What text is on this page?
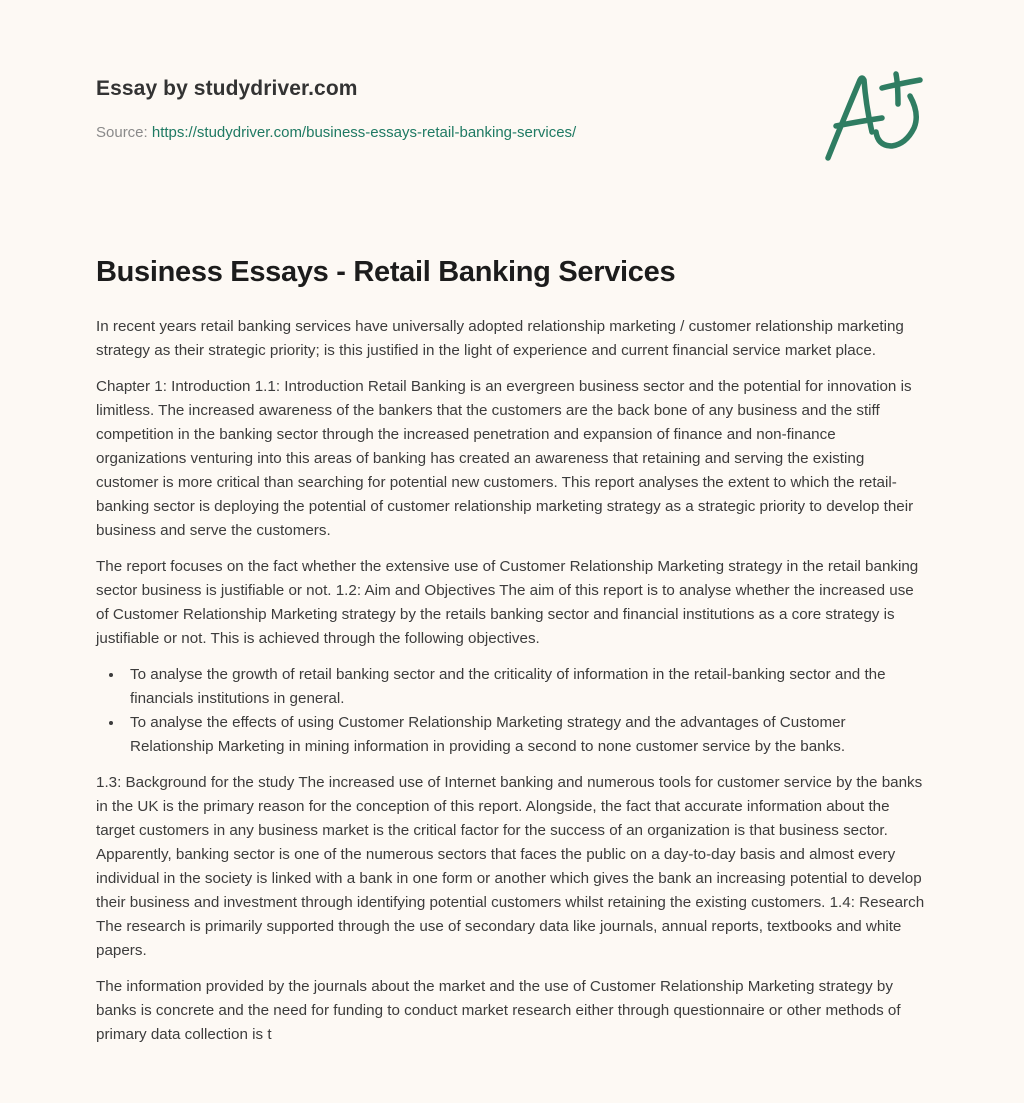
Essay by studydriver.com
Source: https://studydriver.com/business-essays-retail-banking-services/
Business Essays - Retail Banking Services

In recent years retail banking services have universally adopted relationship marketing / customer relationship marketing strategy as their strategic priority; is this justified in the light of experience and current financial service market place.

Chapter 1: Introduction 1.1: Introduction Retail Banking is an evergreen business sector and the potential for innovation is limitless. The increased awareness of the bankers that the customers are the back bone of any business and the stiff competition in the banking sector through the increased penetration and expansion of finance and non-finance organizations venturing into this areas of banking has created an awareness that retaining and serving the existing customer is more critical than searching for potential new customers. This report analyses the extent to which the retail-banking sector is deploying the potential of customer relationship marketing strategy as a strategic priority to develop their business and serve the customers.

The report focuses on the fact whether the extensive use of Customer Relationship Marketing strategy in the retail banking sector business is justifiable or not. 1.2: Aim and Objectives The aim of this report is to analyse whether the increased use of Customer Relationship Marketing strategy by the retails banking sector and financial institutions as a core strategy is justifiable or not. This is achieved through the following objectives.

• To analyse the growth of retail banking sector and the criticality of information in the retail-banking sector and the financials institutions in general.
• To analyse the effects of using Customer Relationship Marketing strategy and the advantages of Customer Relationship Marketing in mining information in providing a second to none customer service by the banks.

1.3: Background for the study The increased use of Internet banking and numerous tools for customer service by the banks in the UK is the primary reason for the conception of this report. Alongside, the fact that accurate information about the target customers in any business market is the critical factor for the success of an organization is that business sector. Apparently, banking sector is one of the numerous sectors that faces the public on a day-to-day basis and almost every individual in the society is linked with a bank in one form or another which gives the bank an increasing potential to develop their business and investment through identifying potential customers whilst retaining the existing customers. 1.4: Research The research is primarily supported through the use of secondary data like journals, annual reports, textbooks and white papers.

The information provided by the journals about the market and the use of Customer Relationship Marketing strategy by banks is concrete and the need for funding to conduct market research either through questionnaire or other methods of primary data collection is t
